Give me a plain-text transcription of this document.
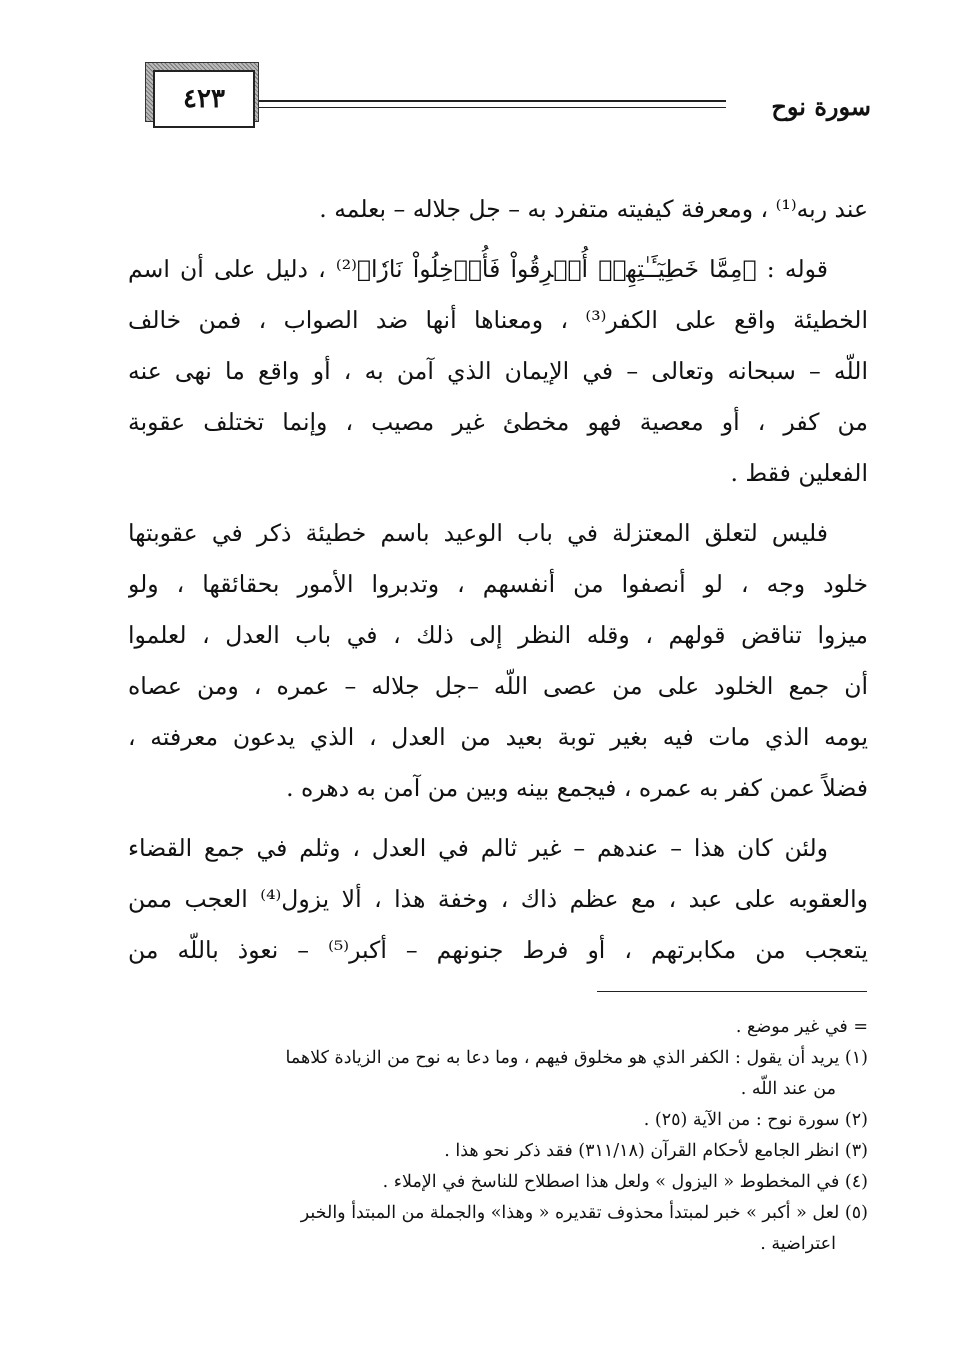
سورة نوح
٤٢٣
عند ربه⁽¹⁾ ، ومعرفة كيفيته متفرد به – جل جلاله – بعلمه .
قوله : ﴿مِمَّا خَطِيٓـَٔـٰتِهِمۡ أُغۡرِقُواْ فَأُدۡخِلُواْ نَارٗا﴾⁽²⁾ ، دليل على أن اسم
الخطيئة واقع على الكفر⁽³⁾ ، ومعناها أنها ضد الصواب ، فمن خالف
اللّه – سبحانه وتعالى – في الإيمان الذي آمن به ، أو واقع ما نهى عنه
من كفر ، أو معصية فهو مخطئ غير مصيب ، وإنما تختلف عقوبة
الفعلين فقط .
فليس لتعلق المعتزلة في باب الوعيد باسم خطيئة ذكر في عقوبتها
خلود وجه ، لو أنصفوا من أنفسهم ، وتدبروا الأمور بحقائقها ، ولو
ميزوا تناقض قولهم ، وقله النظر إلى ذلك ، في باب العدل ، لعلموا
أن جمع الخلود على من عصى اللّه –جل جلاله – عمره ، ومن عصاه
يومه الذي مات فيه بغير توبة بعيد من العدل ، الذي يدعون معرفته ،
فضلاً عمن كفر به عمره ، فيجمع بينه وبين من آمن به دهره .
ولئن كان هذا – عندهم – غير ثالم في العدل ، وثلم في جمع القضاء
والعقوبه على عبد ، مع عظم ذاك ، وخفة هذا ، ألا يزول⁽⁴⁾ العجب ممن
يتعجب من مكابرتهم ، أو فرط جنونهم – أكبر⁽⁵⁾ – نعوذ باللّه من
= في غير موضع .
(١) يريد أن يقول : الكفر الذي هو مخلوق فيهم ، وما دعا به نوح من الزيادة كلاهما
من عند اللّه .
(٢) سورة نوح : من الآية (٢٥) .
(٣) انظر الجامع لأحكام القرآن (٣١١/١٨) فقد ذكر نحو هذا .
(٤) في المخطوط « اليزول » ولعل هذا اصطلاح للناسخ في الإملاء .
(٥) لعل « أكبر » خبر لمبتدأ محذوف تقديره « وهذا» والجملة من المبتدأ والخبر
اعتراضية .
